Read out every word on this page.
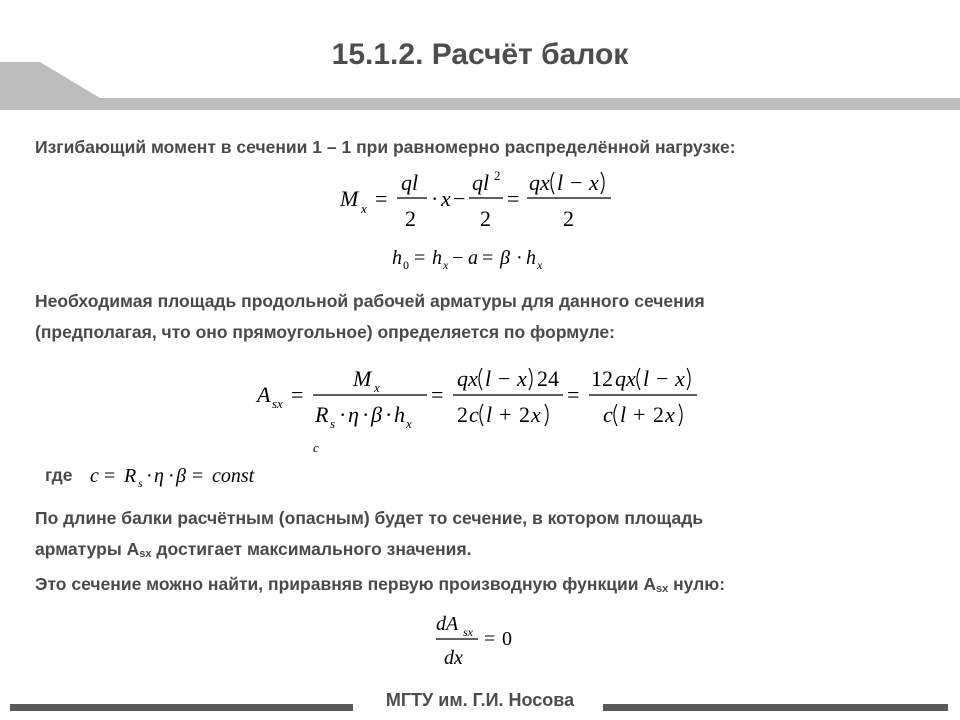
15.1.2. Расчёт балок
Изгибающий момент в сечении 1 – 1 при равномерно распределённой нагрузке:
M x =
ql
2
· x −
ql 2
2
=
qx l − x
2
h 0 = h x − a = β · h x
Необходимая площадь продольной рабочей арматуры для данного сечения
(предполагая, что оно прямоугольное) определяется по формуле:
A sx =
M x
R s · η · β · h x
c
=
qx l − x 24
2 c l + 2 x
=
12 qx l − x
c l + 2 x
где c = R s · η · β = const
По длине балки расчётным (опасным) будет то сечение, в котором площадь
арматуры $A_{sx}$ достигает максимального значения.
Это сечение можно найти, приравняв первую производную функции $A_{sx}$ нулю:
dA sx
dx
= 0
МГТУ им. Г.И. Носова
